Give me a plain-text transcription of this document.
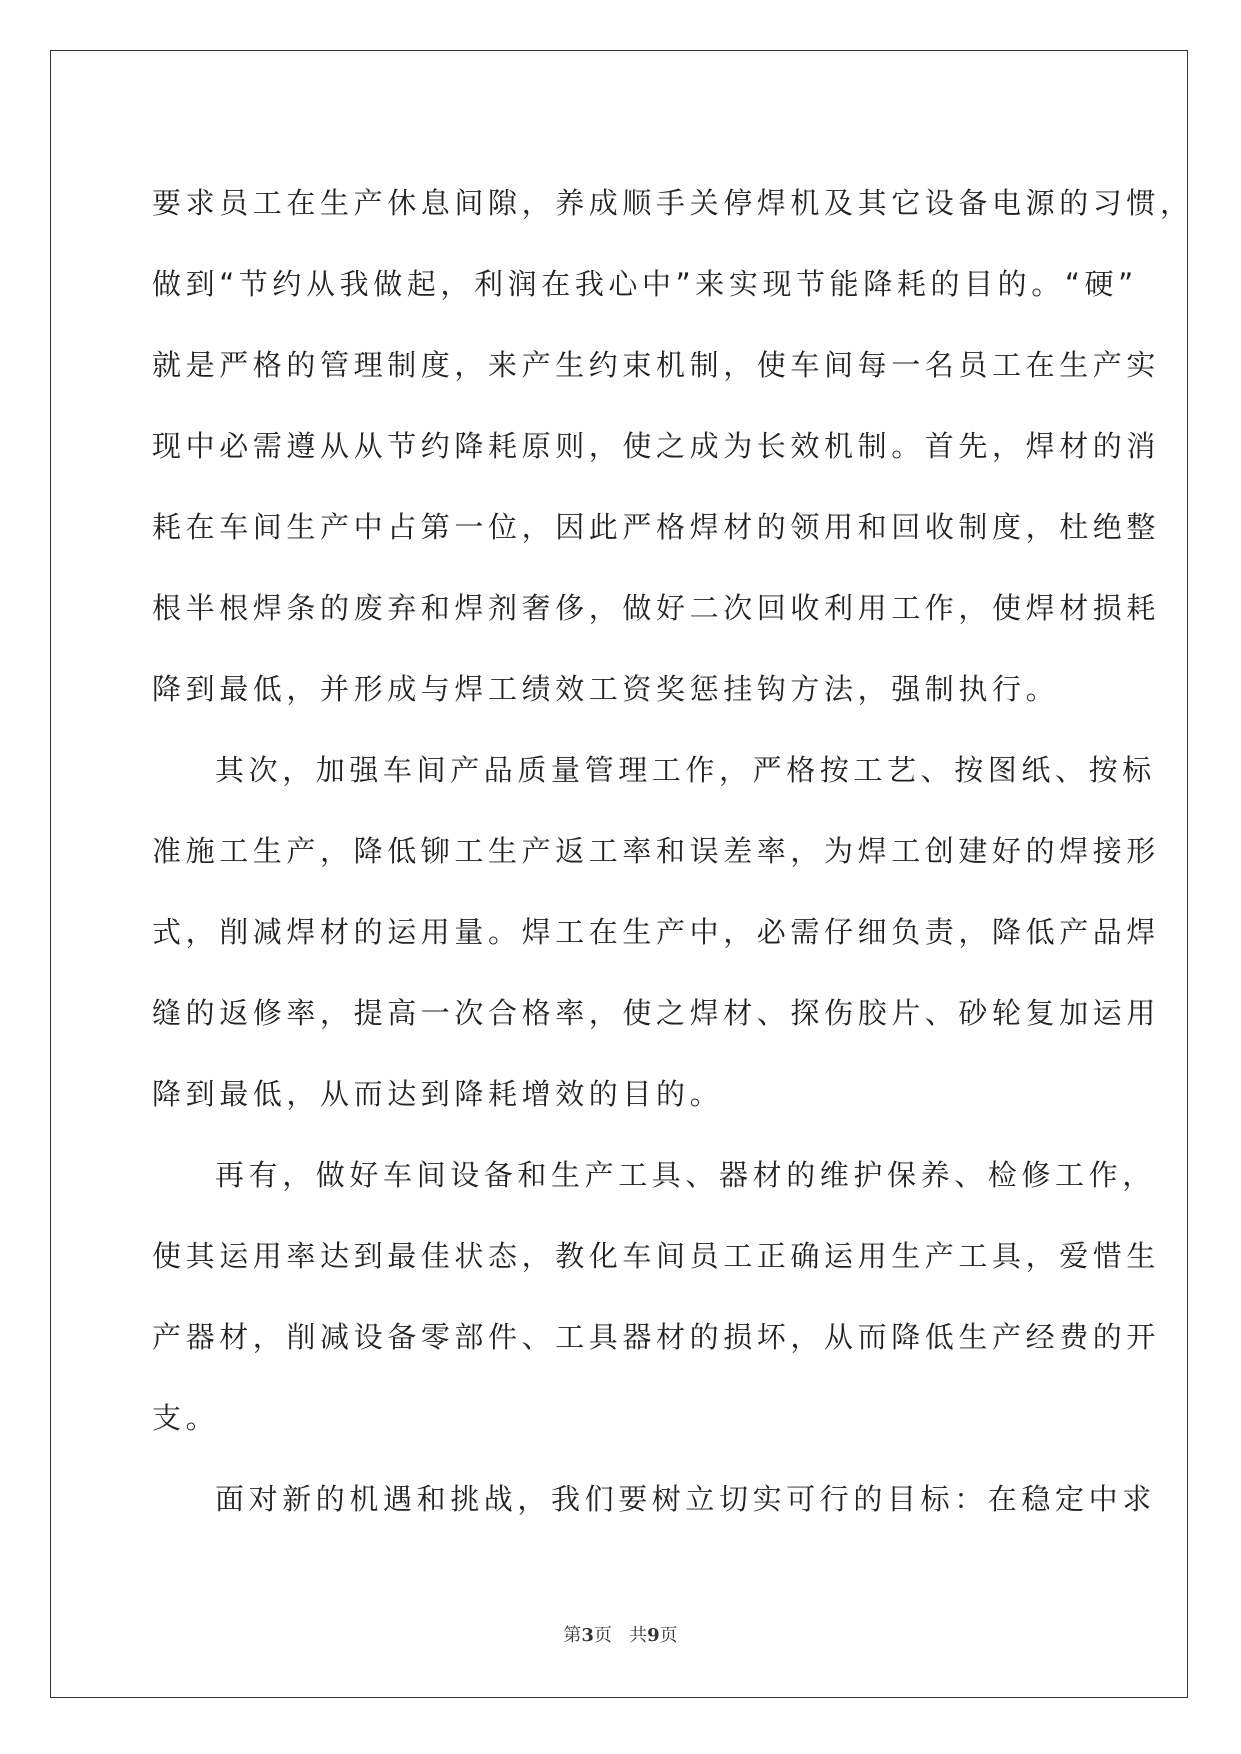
要求员工在生产休息间隙，养成顺手关停焊机及其它设备电源的习惯，
做到“节约从我做起，利润在我心中”来实现节能降耗的目的。“硬”
就是严格的管理制度，来产生约束机制，使车间每一名员工在生产实
现中必需遵从从节约降耗原则，使之成为长效机制。首先，焊材的消
耗在车间生产中占第一位，因此严格焊材的领用和回收制度，杜绝整
根半根焊条的废弃和焊剂奢侈，做好二次回收利用工作，使焊材损耗
降到最低，并形成与焊工绩效工资奖惩挂钩方法，强制执行。
其次，加强车间产品质量管理工作，严格按工艺、按图纸、按标
准施工生产，降低铆工生产返工率和误差率，为焊工创建好的焊接形
式，削减焊材的运用量。焊工在生产中，必需仔细负责，降低产品焊
缝的返修率，提高一次合格率，使之焊材、探伤胶片、砂轮复加运用
降到最低，从而达到降耗增效的目的。
再有，做好车间设备和生产工具、器材的维护保养、检修工作，
使其运用率达到最佳状态，教化车间员工正确运用生产工具，爱惜生
产器材，削减设备零部件、工具器材的损坏，从而降低生产经费的开
支。
面对新的机遇和挑战，我们要树立切实可行的目标：在稳定中求
第3页 共9页
